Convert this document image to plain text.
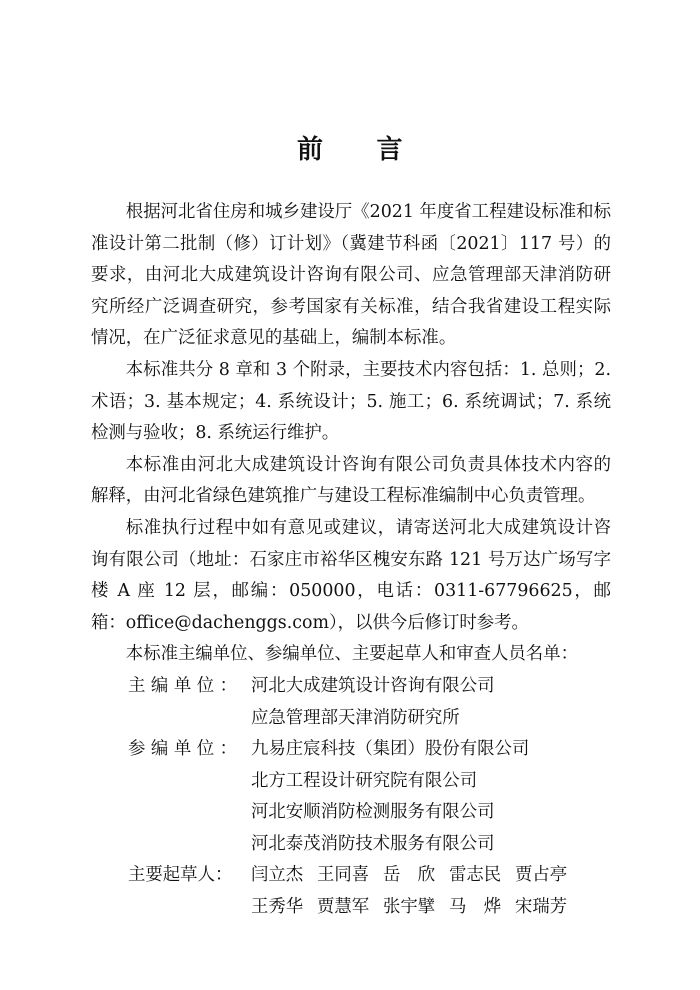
前　　言

根据河北省住房和城乡建设厅《2021 年度省工程建设标准和标准设计第二批制（修）订计划》（冀建节科函〔2021〕117 号）的要求，由河北大成建筑设计咨询有限公司、应急管理部天津消防研究所经广泛调查研究，参考国家有关标准，结合我省建设工程实际情况，在广泛征求意见的基础上，编制本标准。

本标准共分 8 章和 3 个附录，主要技术内容包括：1. 总则；2. 术语；3. 基本规定；4. 系统设计；5. 施工；6. 系统调试；7. 系统检测与验收；8. 系统运行维护。

本标准由河北大成建筑设计咨询有限公司负责具体技术内容的解释，由河北省绿色建筑推广与建设工程标准编制中心负责管理。

标准执行过程中如有意见或建议，请寄送河北大成建筑设计咨询有限公司（地址：石家庄市裕华区槐安东路 121 号万达广场写字楼 A 座 12 层，邮编：050000，电话：0311-67796625，邮箱：office@dachenggs.com），以供今后修订时参考。

本标准主编单位、参编单位、主要起草人和审查人员名单：

主 编 单 位 ： 河北大成建筑设计咨询有限公司
应急管理部天津消防研究所
参 编 单 位 ： 九易庄宸科技（集团）股份有限公司
北方工程设计研究院有限公司
河北安顺消防检测服务有限公司
河北泰茂消防技术服务有限公司
主要起草人：	闫立杰 王同喜 岳　欣 雷志民 贾占亭
王秀华 贾慧军 张宇擘 马　烨 宋瑞芳
